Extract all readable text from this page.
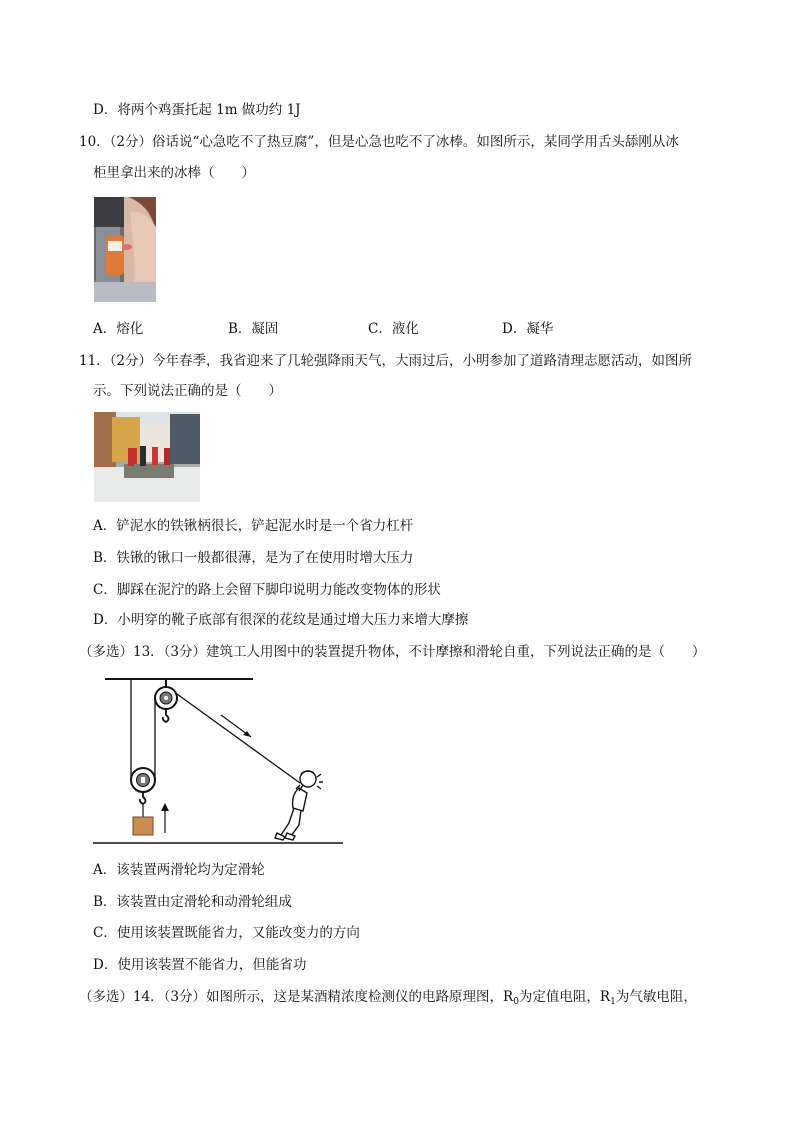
D．将两个鸡蛋托起 1m 做功约 1J
10．（2分）俗话说“心急吃不了热豆腐”，但是心急也吃不了冰棒。如图所示，某同学用舌头舔刚从冰
柜里拿出来的冰棒（　　）
A．熔化	B．凝固	C．液化	D．凝华
11．（2分）今年春季，我省迎来了几轮强降雨天气，大雨过后，小明参加了道路清理志愿活动，如图所
示。下列说法正确的是（　　）
A．铲泥水的铁锹柄很长，铲起泥水时是一个省力杠杆
B．铁锹的锹口一般都很薄，是为了在使用时增大压力
C．脚踩在泥泞的路上会留下脚印说明力能改变物体的形状
D．小明穿的靴子底部有很深的花纹是通过增大压力来增大摩擦
（多选）13．（3分）建筑工人用图中的装置提升物体，不计摩擦和滑轮自重，下列说法正确的是（　　）
A．该装置两滑轮均为定滑轮
B．该装置由定滑轮和动滑轮组成
C．使用该装置既能省力，又能改变力的方向
D．使用该装置不能省力，但能省功
（多选）14．（3分）如图所示，这是某酒精浓度检测仪的电路原理图，$R_0$为定值电阻，$R_1$为气敏电阻，
